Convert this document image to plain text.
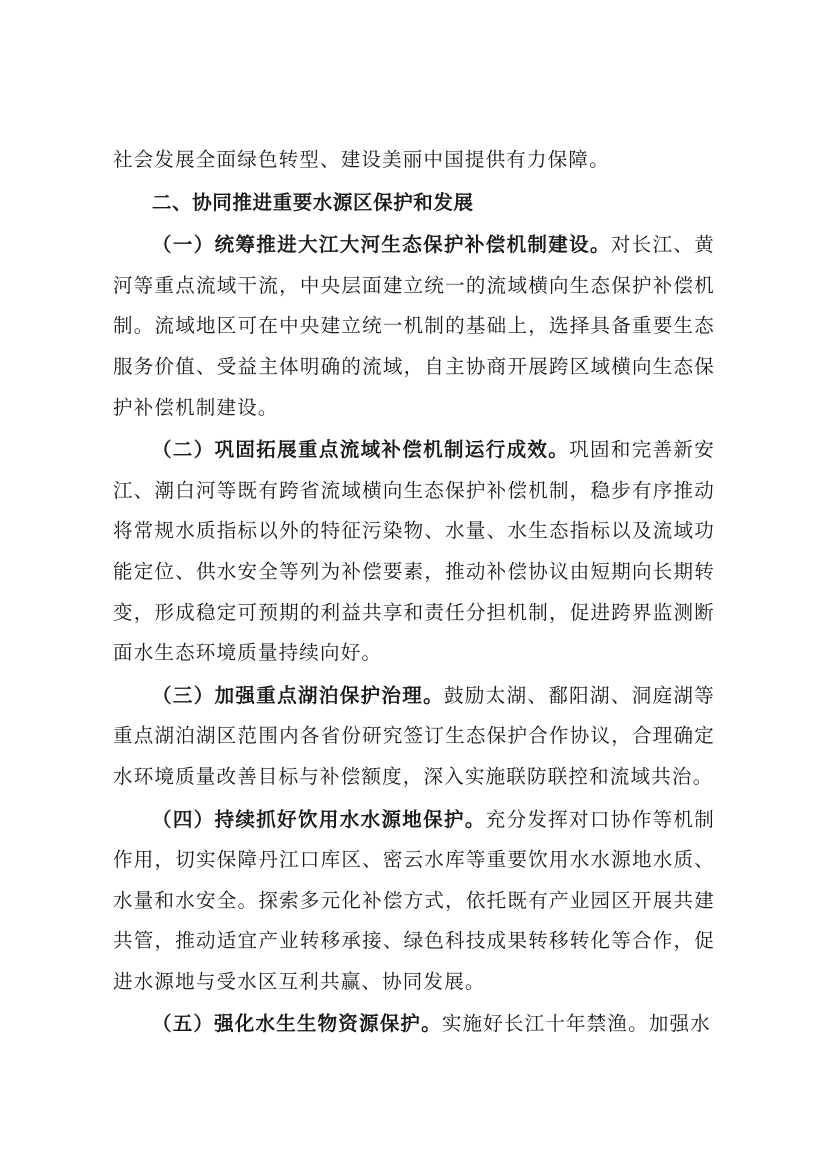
社会发展全面绿色转型、建设美丽中国提供有力保障。

二、协同推进重要水源区保护和发展

（一）统筹推进大江大河生态保护补偿机制建设。对长江、黄河等重点流域干流，中央层面建立统一的流域横向生态保护补偿机制。流域地区可在中央建立统一机制的基础上，选择具备重要生态服务价值、受益主体明确的流域，自主协商开展跨区域横向生态保护补偿机制建设。

（二）巩固拓展重点流域补偿机制运行成效。巩固和完善新安江、潮白河等既有跨省流域横向生态保护补偿机制，稳步有序推动将常规水质指标以外的特征污染物、水量、水生态指标以及流域功能定位、供水安全等列为补偿要素，推动补偿协议由短期向长期转变，形成稳定可预期的利益共享和责任分担机制，促进跨界监测断面水生态环境质量持续向好。

（三）加强重点湖泊保护治理。鼓励太湖、鄱阳湖、洞庭湖等重点湖泊湖区范围内各省份研究签订生态保护合作协议，合理确定水环境质量改善目标与补偿额度，深入实施联防联控和流域共治。

（四）持续抓好饮用水水源地保护。充分发挥对口协作等机制作用，切实保障丹江口库区、密云水库等重要饮用水水源地水质、水量和水安全。探索多元化补偿方式，依托既有产业园区开展共建共管，推动适宜产业转移承接、绿色科技成果转移转化等合作，促进水源地与受水区互利共赢、协同发展。

（五）强化水生生物资源保护。实施好长江十年禁渔。加强水
